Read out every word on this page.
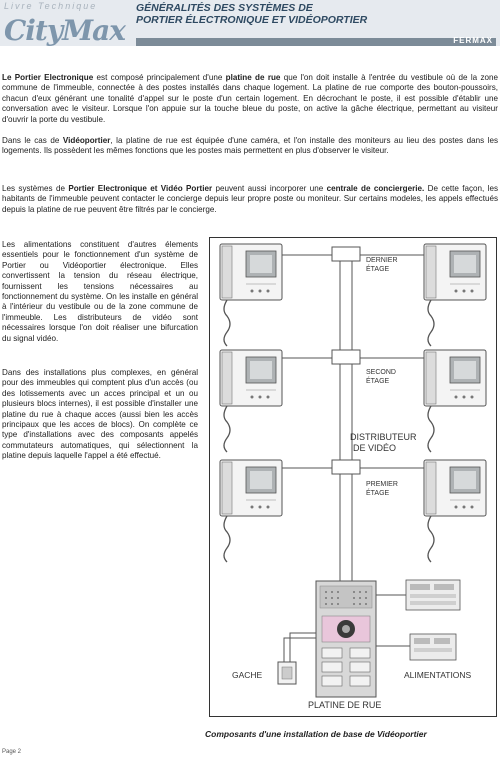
Livre Technique
CityMax
GÉNÉRALITÉS DES SYSTÈMES DE
PORTIER ÉLECTRONIQUE ET VIDÉOPORTIER
FERMAX
Le Portier Electronique est composé principalement d'une platine de rue que l'on doit installe à l'entrée du vestibule où de la zone commune de l'immeuble, connectée à des postes installés dans chaque logement. La platine de rue comporte des bouton-poussoirs, chacun d'eux générant une tonalité d'appel sur le poste d'un certain logement. En décrochant le poste, il est possible d'établir une conversation avec le visiteur. Lorsque l'on appuie sur la touche bleue du poste, on active la gâche électrique, permettant au visiteur d'ouvrir la porte du vestibule.
Dans le cas de Vidéoportier, la platine de rue est équipée d'une caméra, et l'on installe des moniteurs au lieu des postes dans les logements. Ils possèdent les mêmes fonctions que les postes mais permettent en plus d'observer le visiteur.
Les systèmes de Portier Electronique et Vidéo Portier peuvent aussi incorporer une centrale de conciergerie. De cette façon, les habitants de l'immeuble peuvent contacter le concierge depuis leur propre poste ou moniteur. Sur certains modeles, les appels effectués depuis la platine de rue peuvent être filtrés par le concierge.
Les alimentations constituent d'autres élements essentiels pour le fonctionnement d'un système de Portier ou Vidéoportier électronique. Elles convertissent la tension du réseau électrique, fournissent les tensions nécessaires au fonctionnement du système. On les installe en général à l'intérieur du vestibule ou de la zone commune de l'immeuble. Les distributeurs de vidéo sont nécessaires lorsque l'on doit réaliser une bifurcation du signal vidéo.
Dans des installations plus complexes, en général pour des immeubles qui comptent plus d'un accès (ou des lotissements avec un acces principal et un ou plusieurs blocs internes), il est possible d'installer une platine du rue à chaque acces (aussi bien les accès principaux que les acces de blocs). On complète ce type d'installations avec des composants appelés commutateurs automatiques, qui sélectionnent la platine depuis laquelle l'appel a été effectué.
DERNIER
ÉTAGE
SECOND
ÉTAGE
DISTRIBUTEUR
DE VIDÉO
PREMIER
ÉTAGE
GACHE	ALIMENTATIONS
PLATINE DE RUE
Composants d'une installation de base de Vidéoportier
Page 2
